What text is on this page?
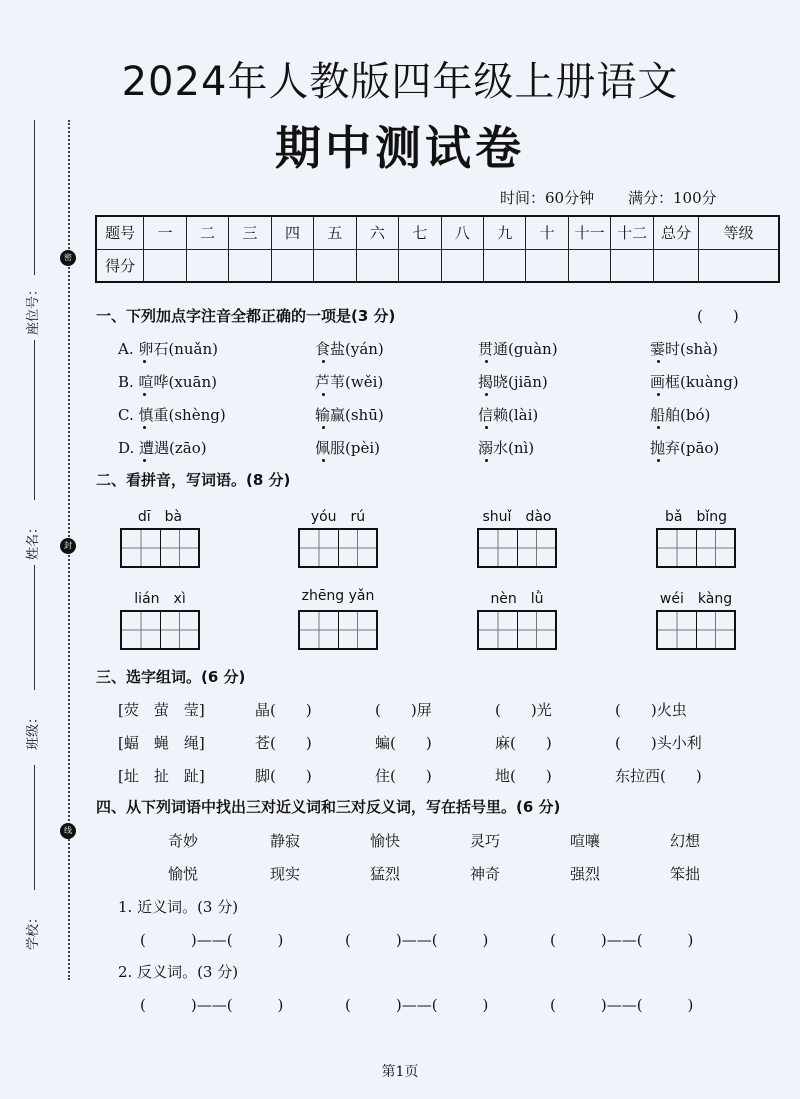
座位号：
姓名：
班级：
学校：
密
封
线
2024年人教版四年级上册语文
期中测试卷
时间：60分钟 满分：100分
题号	一	二	三	四	五	六	七	八	九	十	十一	十二	总分	等级
得分														
一、下列加点字注音全都正确的一项是(3 分)	(　　)
A. 卵石(nuǎn)	食盐(yán)	贯通(guàn)	霎时(shà)
B. 喧哗(xuān)	芦苇(wěi)	揭晓(jiān)	画框(kuàng)
C. 慎重(shèng)	输赢(shū)	信赖(lài)	船舶(bó)
D. 遭遇(zāo)	佩服(pèi)	溺水(nì)	抛弃(pāo)
二、看拼音，写词语。(8 分)
dī　bà	yóu　rú	shuǐ　dào	bǎ　bǐng
lián　xì	zhēng yǎn	nèn　lǜ	wéi　kàng
三、选字组词。(6 分)
[荧　萤　莹]	晶(　　)	(　　)屏	(　　)光	(　　)火虫
[蝠　蝇　绳]	苍(　　)	蝙(　　)	麻(　　)	(　　)头小利
[址　扯　趾]	脚(　　)	住(　　)	地(　　)	东拉西(　　)
四、从下列词语中找出三对近义词和三对反义词，写在括号里。(6 分)
奇妙	静寂	愉快	灵巧	喧嚷	幻想
愉悦	现实	猛烈	神奇	强烈	笨拙
1. 近义词。(3 分)
2. 反义词。(3 分)
(　　　)——(　　　)	(　　　)——(　　　)	(　　　)——(　　　)
(　　　)——(　　　)	(　　　)——(　　　)	(　　　)——(　　　)
第1页
